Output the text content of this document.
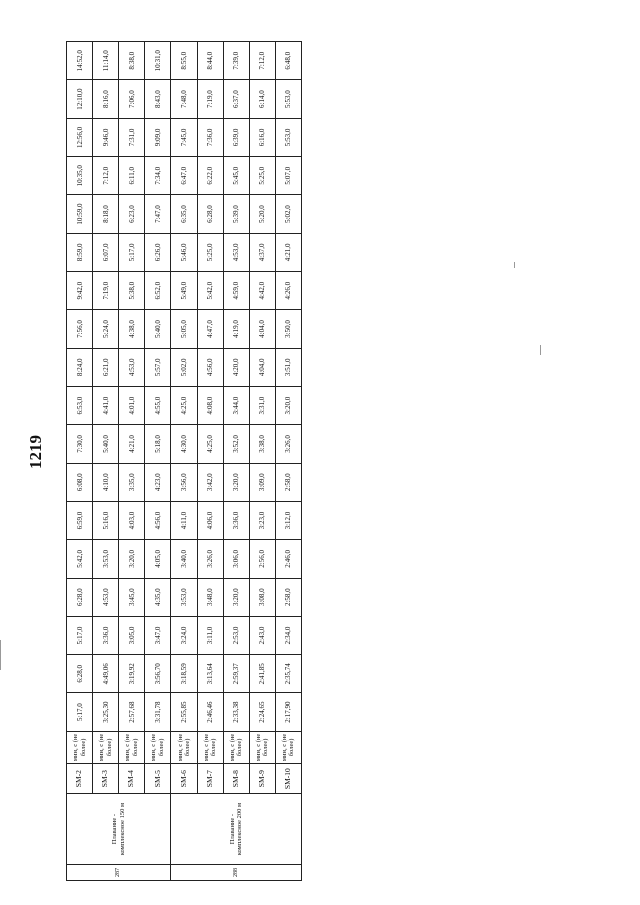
1219
287	Плавание - комплексное 150 м	SM-2	мин, с (не более)	5:17,0	6:28,0	5:17,0	6:28,0	5:42,0	6:59,0	6:08,0	7:30,0	6:53,0	8:24,0	7:56,0	9:42,0	8:59,0	10:59,0	10:35,0	12:56,0	12:10,0	14:52,0
		SM-3	мин, с (не более)	3:25,30	4:49,06	3:36,0	4:53,0	3:53,0	5:16,0	4:10,0	5:40,0	4:41,0	6:21,0	5:24,0	7:19,0	6:07,0	8:18,0	7:12,0	9:46,0	8:16,0	11:14,0
		SM-4	мин, с (не более)	2:57,68	3:19,92	3:05,0	3:45,0	3:20,0	4:03,0	3:35,0	4:21,0	4:01,0	4:53,0	4:38,0	5:38,0	5:17,0	6:23,0	6:11,0	7:31,0	7:06,0	8:38,0
		SM-5	мин, с (не более)	3:31,78	3:56,70	3:47,0	4:35,0	4:05,0	4:56,0	4:23,0	5:18,0	4:55,0	5:57,0	5:40,0	6:52,0	6:26,0	7:47,0	7:34,0	9:09,0	8:43,0	10:31,0
288	Плавание - комплексное 200 м	SM-6	мин, с (не более)	2:55,85	3:18,59	3:24,0	3:53,0	3:40,0	4:11,0	3:56,0	4:30,0	4:25,0	5:02,0	5:05,0	5:49,0	5:46,0	6:35,0	6:47,0	7:45,0	7:48,0	8:55,0
		SM-7	мин, с (не более)	2:46,46	3:13,64	3:11,0	3:48,0	3:26,0	4:06,0	3:42,0	4:25,0	4:08,0	4:56,0	4:47,0	5:42,0	5:25,0	6:28,0	6:22,0	7:36,0	7:19,0	8:44,0
		SM-8	мин, с (не более)	2:33,38	2:59,37	2:53,0	3:20,0	3:06,0	3:36,0	3:20,0	3:52,0	3:44,0	4:20,0	4:19,0	4:59,0	4:53,0	5:39,0	5:45,0	6:39,0	6:37,0	7:39,0
		SM-9	мин, с (не более)	2:24,65	2:41,85	2:43,0	3:08,0	2:56,0	3:23,0	3:09,0	3:38,0	3:31,0	4:04,0	4:04,0	4:42,0	4:37,0	5:20,0	5:25,0	6:16,0	6:14,0	7:12,0
		SM-10	мин, с (не более)	2:17,90	2:35,74	2:34,0	2:58,0	2:46,0	3:12,0	2:58,0	3:26,0	3:20,0	3:51,0	3:50,0	4:26,0	4:21,0	5:02,0	5:07,0	5:53,0	5:53,0	6:48,0
